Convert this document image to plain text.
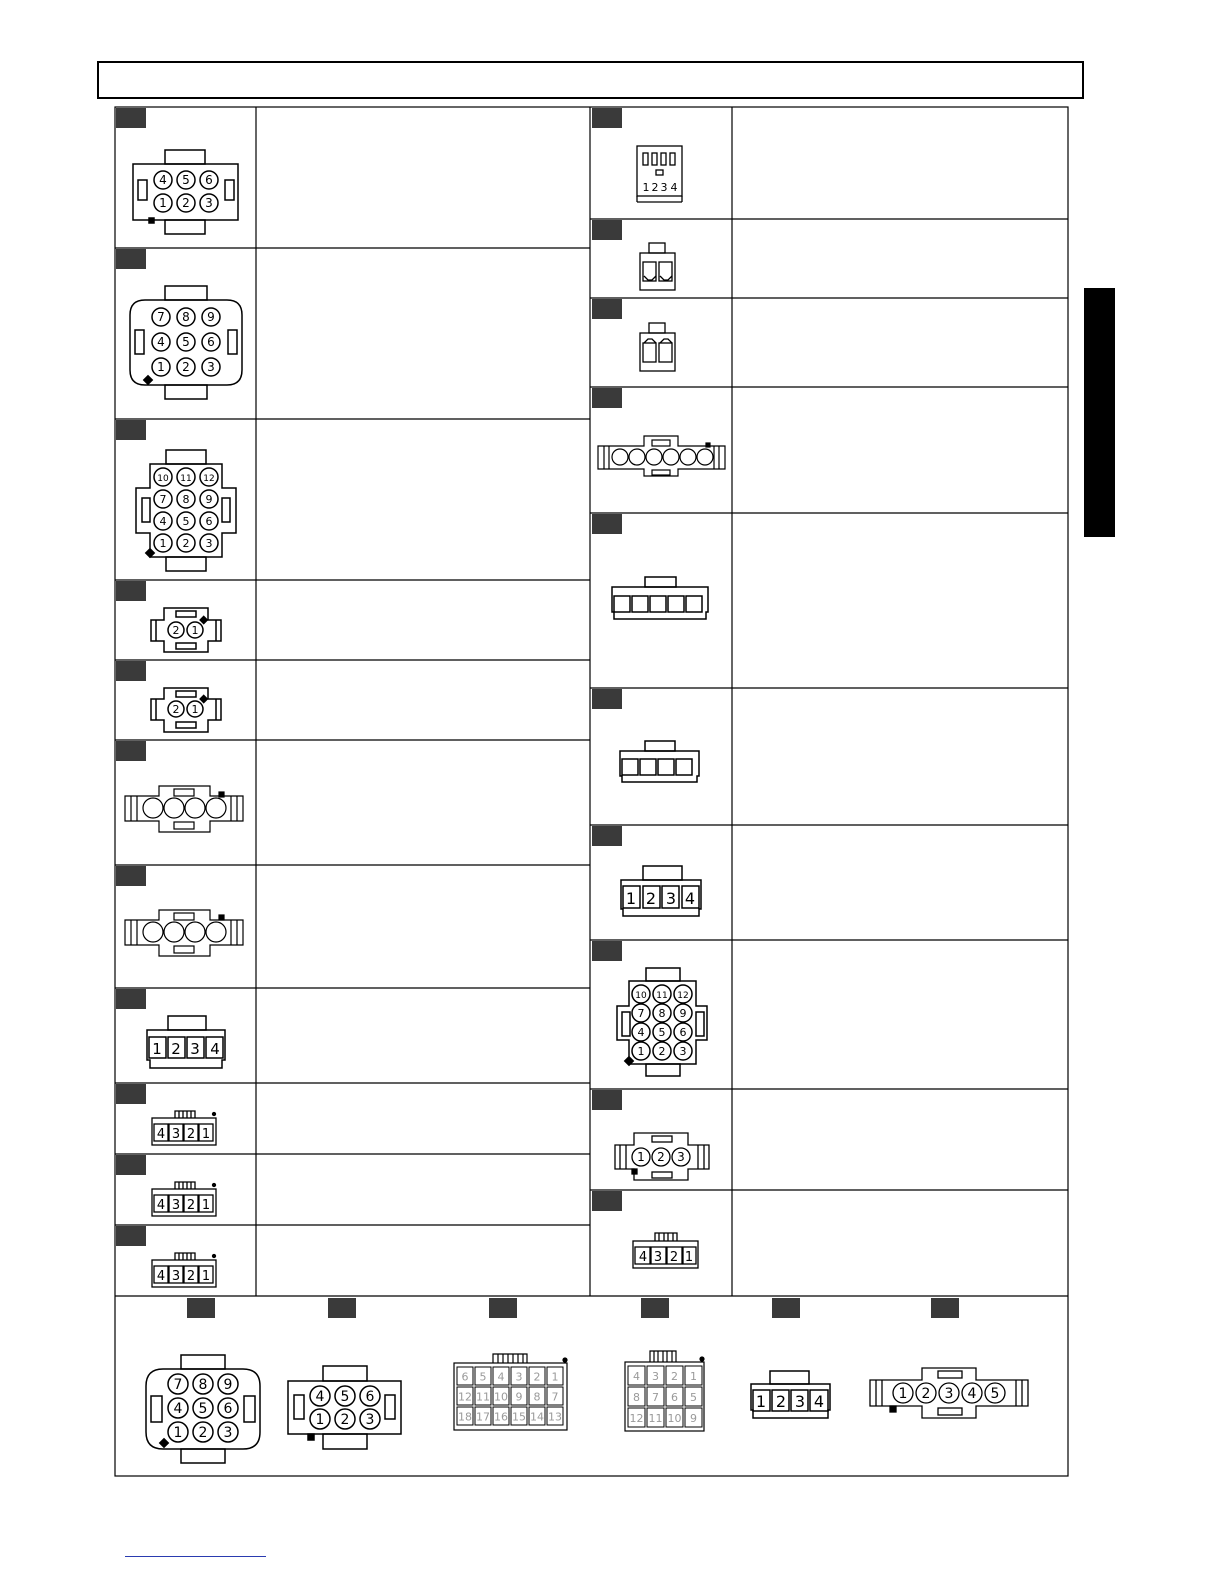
4 5 6
1 2 3
7 8 9
4 5 6
1 2 3
10 11 12
7 8 9
4 5 6
1 2 3
2 1
2 1
1 2 3 4
4 3 2 1
4 3 2 1
4 3 2 1
1 2 3 4
1 2 3 4
10 11 12
7 8 9
4 5 6
1 2 3
1 2 3
4 3 2 1
7 8 9
4 5 6
1 2 3
4 5 6
1 2 3
6 5 4 3 2 1
12 11 10 9 8 7
18 17 16 15 14 13
4 3 2 1
8 7 6 5
12 11 10 9
1 2 3 4	1 2 3 4 5
